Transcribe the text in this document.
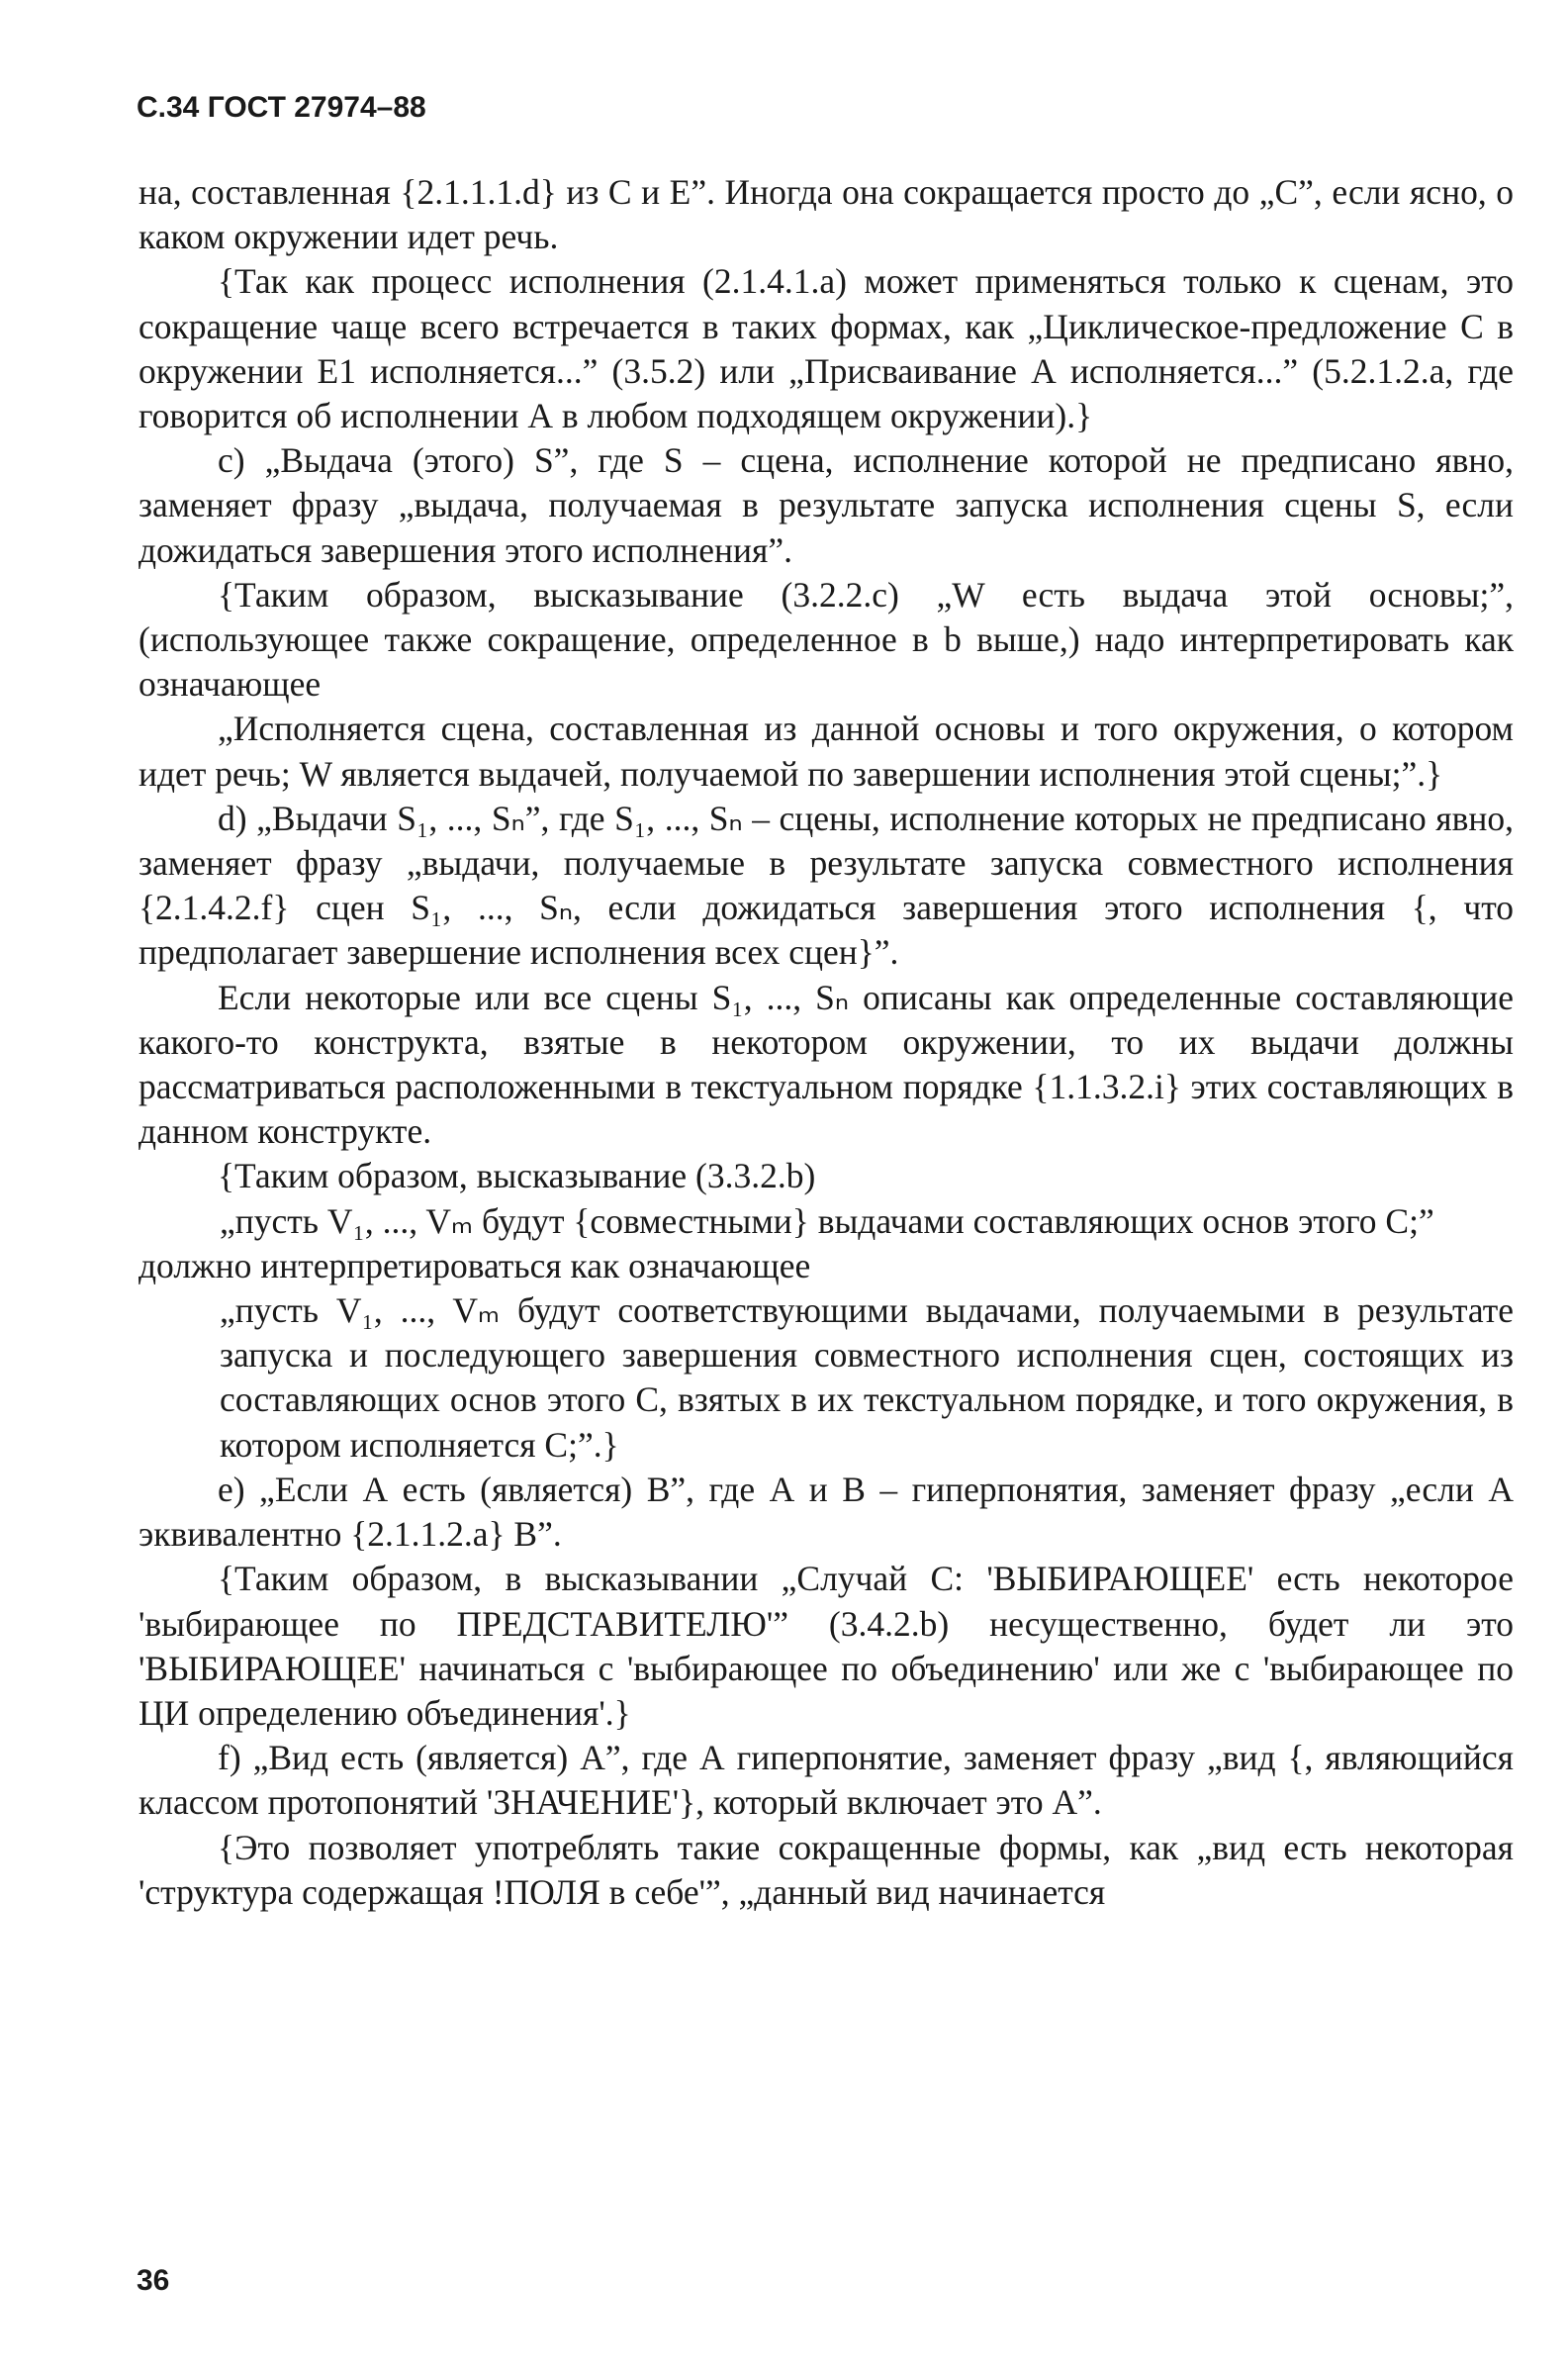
С.34 ГОСТ 27974–88

на, составленная {2.1.1.1.d} из С и Е”. Иногда она сокращается просто до „С”, если ясно, о каком окружении идет речь.

{Так как процесс исполнения (2.1.4.1.a) может применяться только к сценам, это сокращение чаще всего встречается в таких формах, как „Циклическое-предложение С в окружении Е1 исполняется...” (3.5.2) или „Присваивание А исполняется...” (5.2.1.2.a, где говорится об исполнении А в любом подходящем окружении).}

c) „Выдача (этого) S”, где S – сцена, исполнение которой не предписано явно, заменяет фразу „выдача, получаемая в результате запуска исполнения сцены S, если дожидаться завершения этого исполнения”.

{Таким образом, высказывание (3.2.2.c) „W есть выдача этой основы;”, (использующее также сокращение, определенное в b выше,) надо интерпретировать как означающее

„Исполняется сцена, составленная из данной основы и того окружения, о котором идет речь; W является выдачей, получаемой по завершении исполнения этой сцены;”.}

d) „Выдачи S₁, ..., Sₙ”, где S₁, ..., Sₙ – сцены, исполнение которых не предписано явно, заменяет фразу „выдачи, получаемые в результате запуска совместного исполнения {2.1.4.2.f} сцен S₁, ..., Sₙ, если дожидаться завершения этого исполнения {, что предполагает завершение исполнения всех сцен}”.

Если некоторые или все сцены S₁, ..., Sₙ описаны как определенные составляющие какого-то конструкта, взятые в некотором окружении, то их выдачи должны рассматриваться расположенными в текстуальном порядке {1.1.3.2.i} этих составляющих в данном конструкте.

{Таким образом, высказывание (3.3.2.b)

„пусть V₁, ..., Vₘ будут {совместными} выдачами составляющих основ этого С;”

должно интерпретироваться как означающее

„пусть V₁, ..., Vₘ будут соответствующими выдачами, получаемыми в результате запуска и последующего завершения совместного исполнения сцен, состоящих из составляющих основ этого С, взятых в их текстуальном порядке, и того окружения, в котором исполняется С;”.}

e) „Если А есть (является) В”, где А и В – гиперпонятия, заменяет фразу „если А эквивалентно {2.1.1.2.a} В”.

{Таким образом, в высказывании „Случай С: 'ВЫБИРАЮЩЕЕ' есть некоторое 'выбирающее по ПРЕДСТАВИТЕЛЮ'” (3.4.2.b) несущественно, будет ли это 'ВЫБИРАЮЩЕЕ' начинаться с 'выбирающее по объединению' или же с 'выбирающее по ЦИ определению объединения'.}

f) „Вид есть (является) А”, где А гиперпонятие, заменяет фразу „вид {, являющийся классом протопонятий 'ЗНАЧЕНИЕ'}, который включает это А”.

{Это позволяет употреблять такие сокращенные формы, как „вид есть некоторая 'структура содержащая !ПОЛЯ в себе'”, „данный вид начинается

36
